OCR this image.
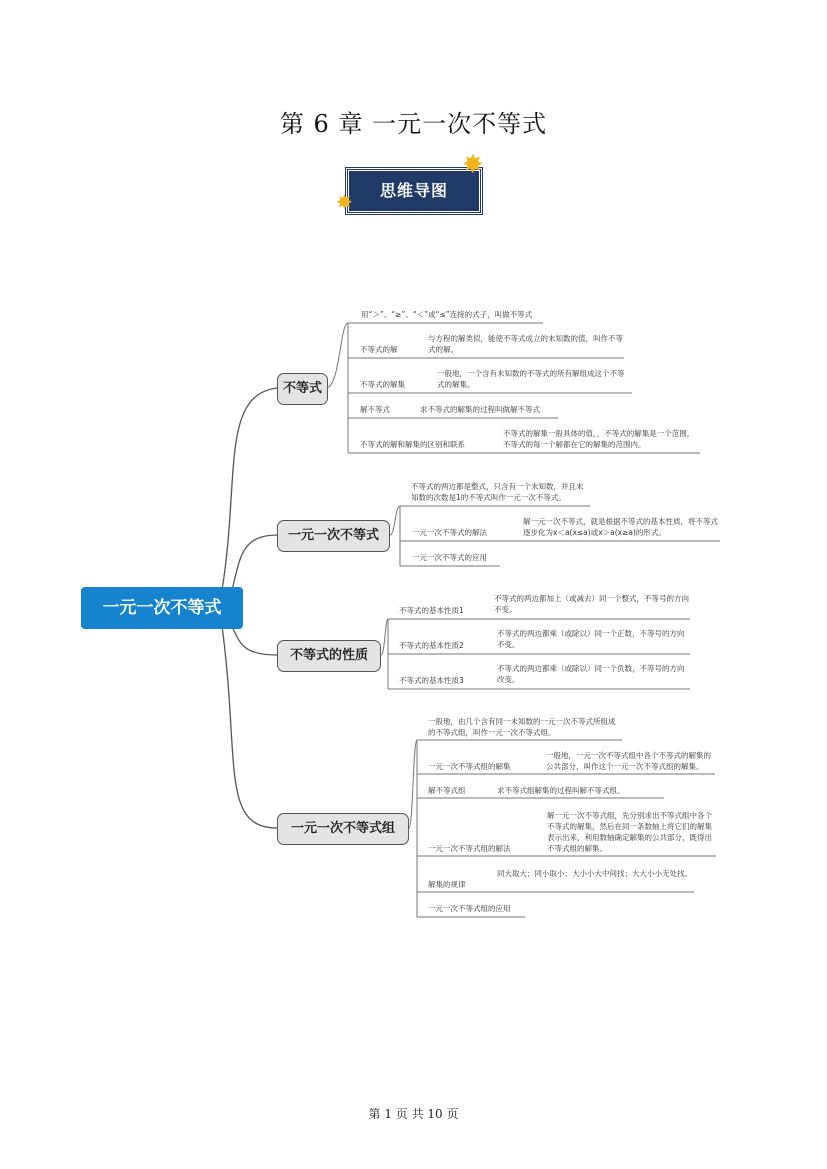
第 6 章 一元一次不等式
思维导图
✸
✸
一元一次不等式
不等式
一元一次不等式
不等式的性质
一元一次不等式组
用“＞”、“≥”、“＜”或“≤”连接的式子，叫做不等式
不等式的解
与方程的解类似，能使不等式成立的未知数的值，叫作不等式的解。
不等式的解集
一般地，一个含有未知数的不等式的所有解组成这个不等式的解集。
解不等式	求不等式的解集的过程叫做解不等式
不等式的解和解集的区别和联系
不等式的解集一般具体的值，，不等式的解集是一个范围，不等式的每一个解都在它的解集的范围内。
不等式的两边都是整式，只含有一个未知数，并且未知数的次数是1的不等式叫作一元一次不等式。
一元一次不等式的解法
解一元一次不等式，就是根据不等式的基本性质，将不等式逐步化为x＜a(x≤a)或x＞a(x≥a)的形式。
一元一次不等式的应用
不等式的基本性质1
不等式的两边都加上（或减去）同一个整式，不等号的方向不变。
不等式的基本性质2
不等式的两边都乘（或除以）同一个正数，不等号的方向不变。
不等式的基本性质3
不等式的两边都乘（或除以）同一个负数，不等号的方向改变。
一般地，由几个含有同一未知数的一元一次不等式所组成的不等式组，叫作一元一次不等式组。
一元一次不等式组的解集
一般地，一元一次不等式组中各个不等式的解集的公共部分，叫作这个一元一次不等式组的解集。
解不等式组	求不等式组解集的过程叫解不等式组。
一元一次不等式组的解法
解一元一次不等式组，先分别求出不等式组中各个不等式的解集，然后在同一条数轴上将它们的解集表示出来，利用数轴确定解集的公共部分，既得出不等式组的解集。
解集的规律
同大取大；同小取小；大小小大中间找；大大小小无处找。
一元一次不等式组的应用
第 1 页 共 10 页
